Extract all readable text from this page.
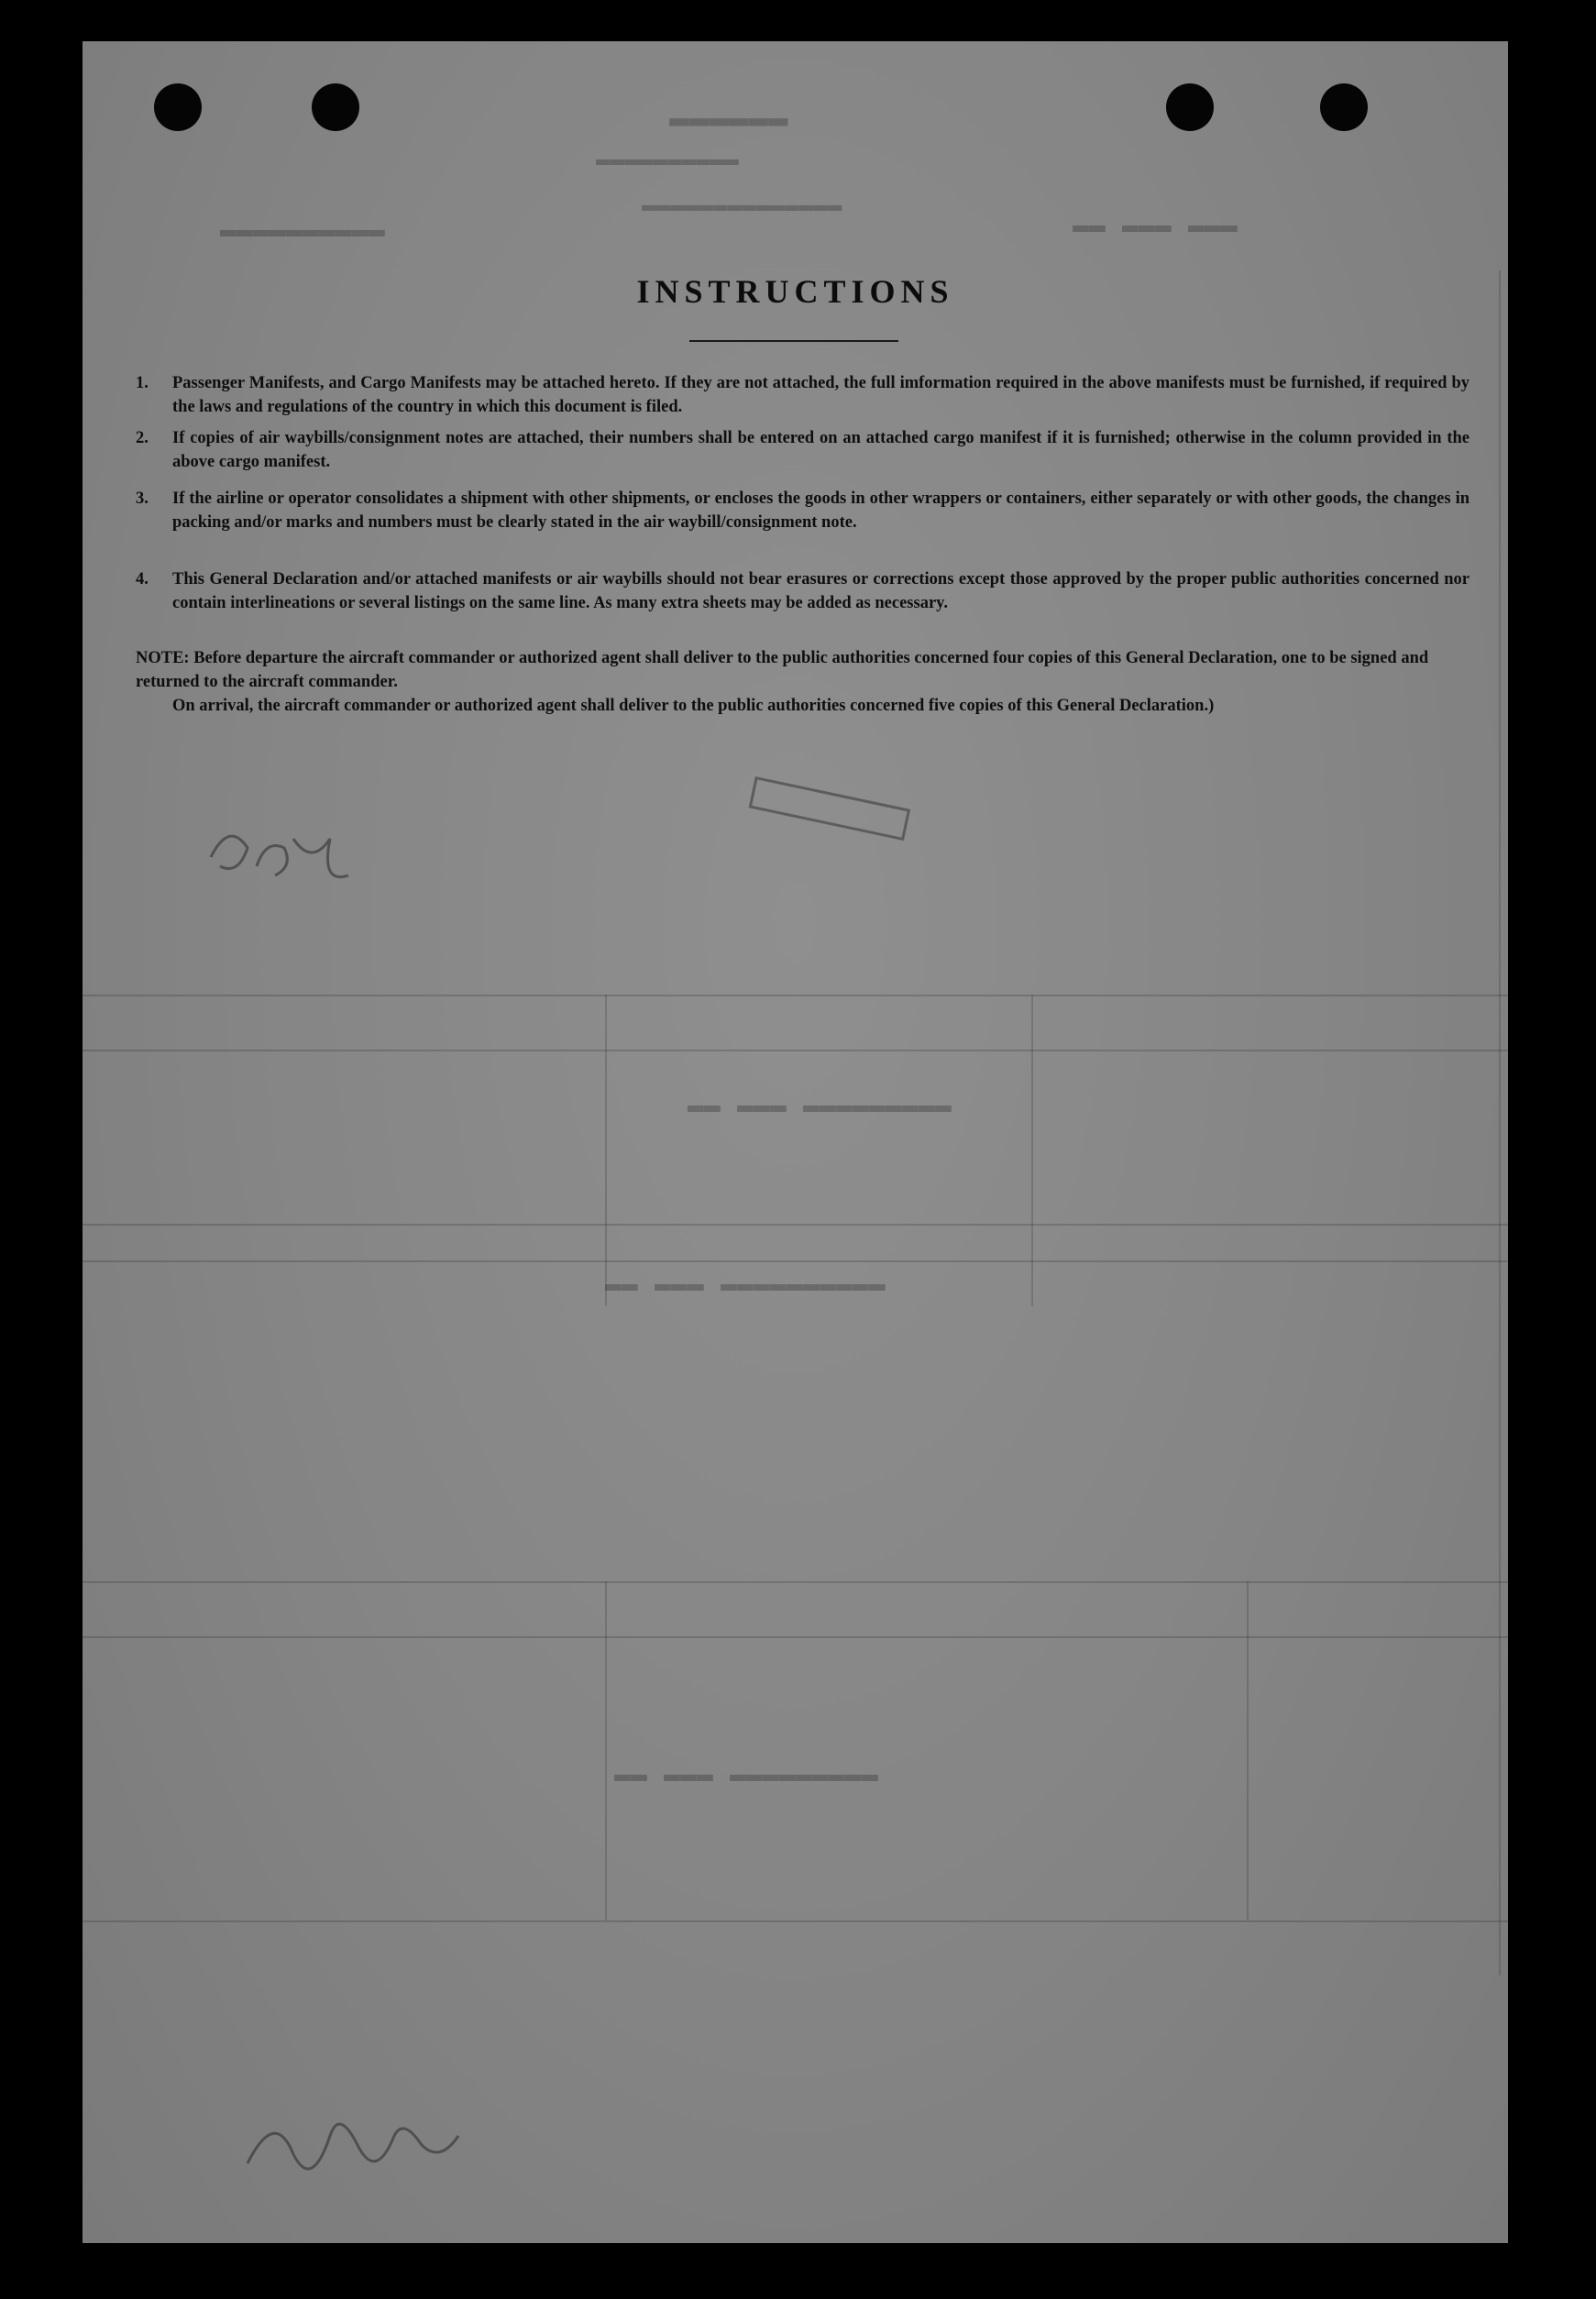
▬▬▬▬▬▬
▬▬▬▬▬▬▬▬▬▬
▬▬▬▬▬▬▬▬▬▬	▬▬ ▬▬▬ ▬▬▬
▬▬▬▬▬▬▬▬▬▬▬▬▬▬
▬▬ ▬▬▬ ▬▬▬▬▬▬▬▬▬
▬▬ ▬▬▬ ▬▬▬▬▬▬▬▬▬▬
▬▬ ▬▬▬ ▬▬▬▬▬▬▬▬▬
INSTRUCTIONS
1. Passenger Manifests, and Cargo Manifests may be attached hereto. If they are not attached, the full imformation required in the above manifests must be furnished, if required by the laws and regulations of the country in which this document is filed.
2. If copies of air waybills/consignment notes are attached, their numbers shall be entered on an attached cargo manifest if it is furnished; otherwise in the column provided in the above cargo manifest.
3. If the airline or operator consolidates a shipment with other shipments, or encloses the goods in other wrappers or containers, either separately or with other goods, the changes in packing and/or marks and numbers must be clearly stated in the air waybill/consignment note.
4. This General Declaration and/or attached manifests or air waybills should not bear erasures or corrections except those approved by the proper public authorities concerned nor contain interlineations or several listings on the same line. As many extra sheets may be added as necessary.
NOTE: Before departure the aircraft commander or authorized agent shall deliver to the public authorities concerned four copies of this General Declaration, one to be signed and returned to the aircraft commander.
On arrival, the aircraft commander or authorized agent shall deliver to the public authorities concerned five copies of this General Declaration.)
